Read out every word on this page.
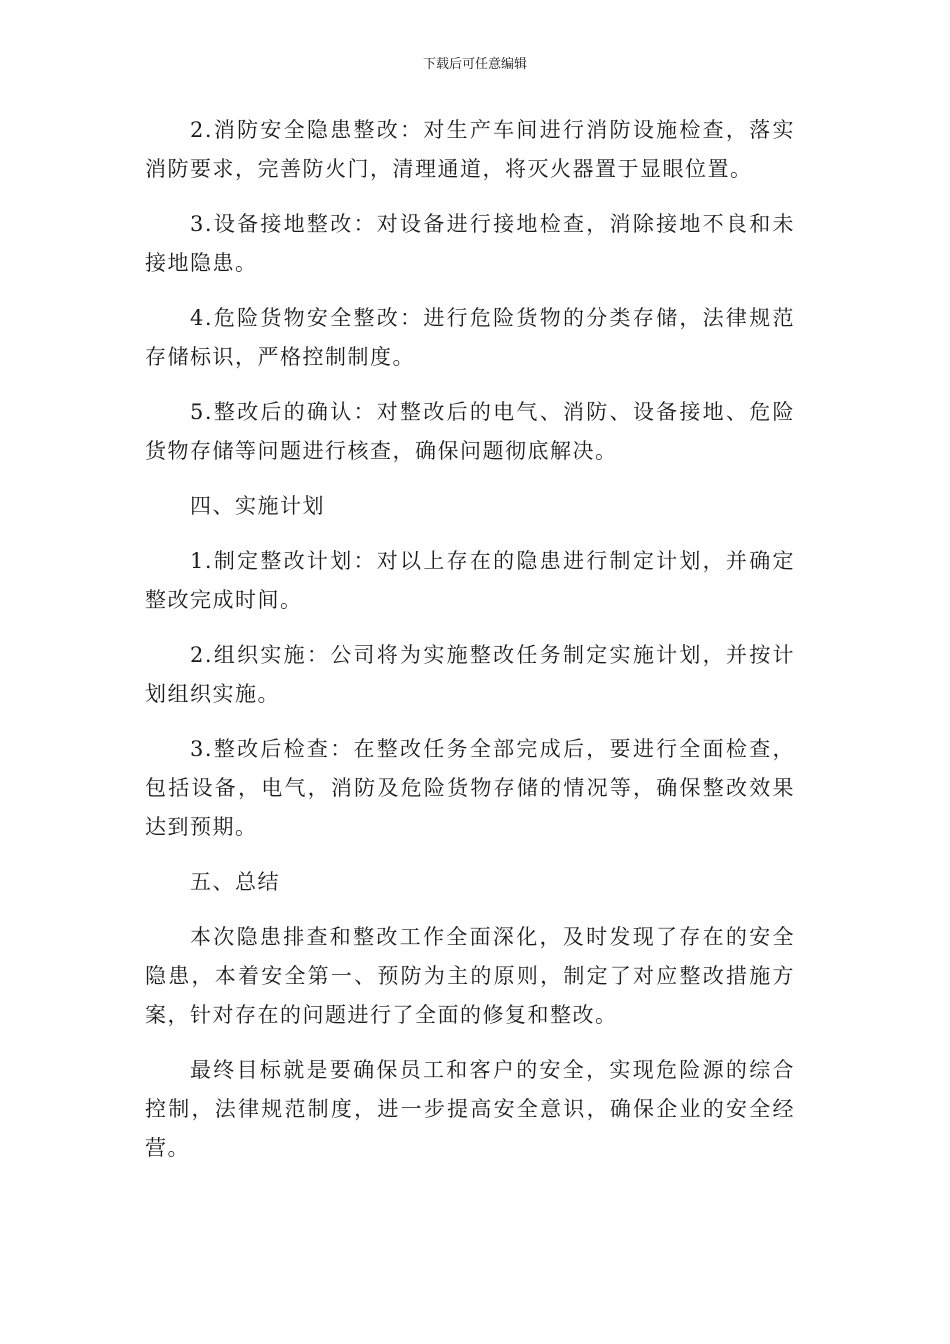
下载后可任意编辑

2.消防安全隐患整改：对生产车间进行消防设施检查，落实消防要求，完善防火门，清理通道，将灭火器置于显眼位置。

3.设备接地整改：对设备进行接地检查，消除接地不良和未接地隐患。

4.危险货物安全整改：进行危险货物的分类存储，法律规范存储标识，严格控制制度。

5.整改后的确认：对整改后的电气、消防、设备接地、危险货物存储等问题进行核查，确保问题彻底解决。

四、实施计划

1.制定整改计划：对以上存在的隐患进行制定计划，并确定整改完成时间。

2.组织实施：公司将为实施整改任务制定实施计划，并按计划组织实施。

3.整改后检查：在整改任务全部完成后，要进行全面检查，包括设备，电气，消防及危险货物存储的情况等，确保整改效果达到预期。

五、总结

本次隐患排查和整改工作全面深化，及时发现了存在的安全隐患，本着安全第一、预防为主的原则，制定了对应整改措施方案，针对存在的问题进行了全面的修复和整改。

最终目标就是要确保员工和客户的安全，实现危险源的综合控制，法律规范制度，进一步提高安全意识，确保企业的安全经营。
